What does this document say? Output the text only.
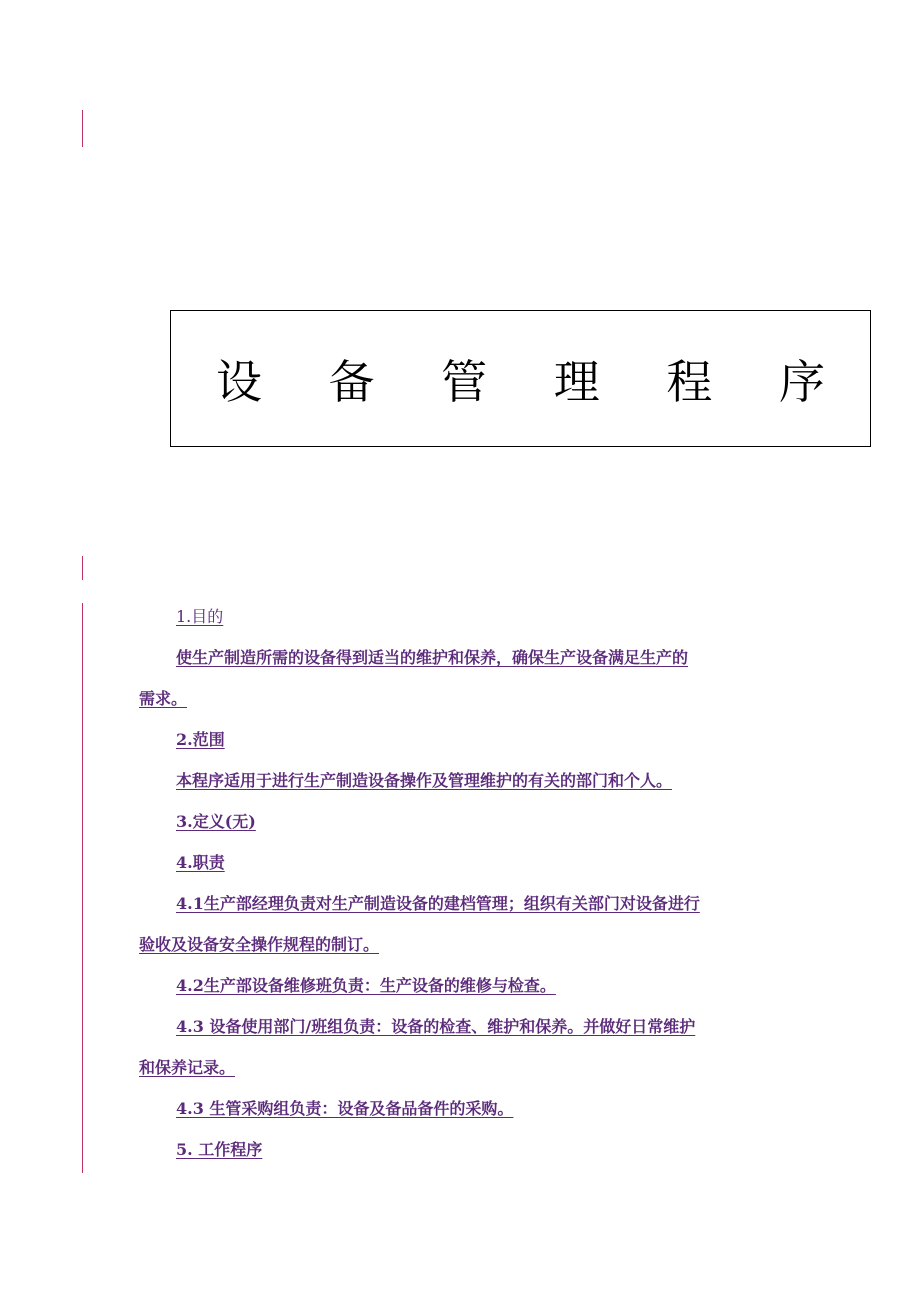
设 备 管 理 程 序
1.目的
使生产制造所需的设备得到适当的维护和保养，确保生产设备满足生产的
需求。
2.范围
本程序适用于进行生产制造设备操作及管理维护的有关的部门和个人。
3.定义(无)
4.职责
4.1生产部经理负责对生产制造设备的建档管理；组织有关部门对设备进行
验收及设备安全操作规程的制订。
4.2生产部设备维修班负责：生产设备的维修与检查。
4.3 设备使用部门/班组负责：设备的检查、维护和保养。并做好日常维护
和保养记录。
4.3 生管采购组负责：设备及备品备件的采购。
5. 工作程序
